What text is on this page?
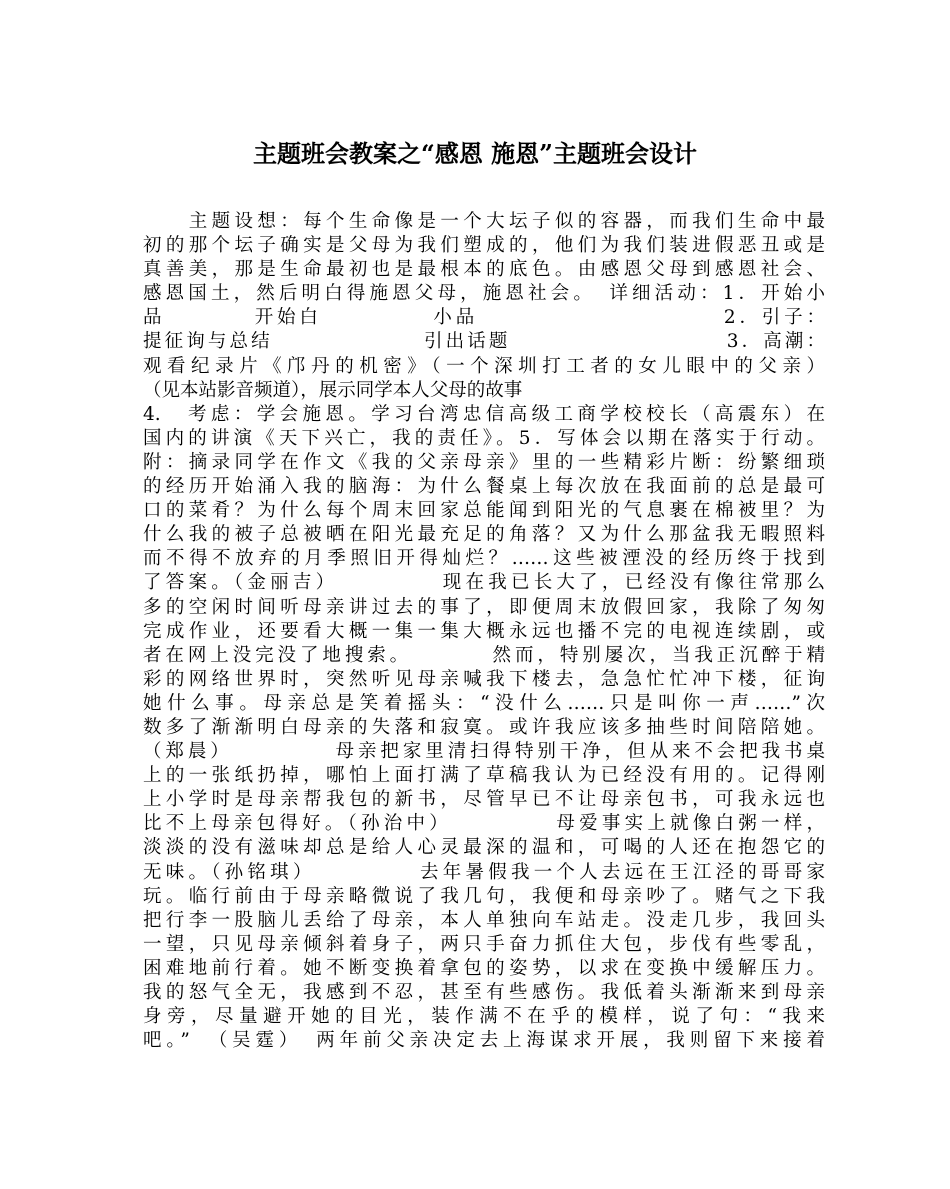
主题班会教案之“感恩 施恩”主题班会设计
　　主题设想：每个生命像是一个大坛子似的容器，而我们生命中最
初的那个坛子确实是父母为我们塑成的，他们为我们装进假恶丑或是
真善美，那是生命最初也是最根本的底色。由感恩父母到感恩社会、
感恩国土，然后明白得施恩父母，施恩社会。　详细活动：1．开始小
品　　　　开始白　　　　　小品　　　　　　　　　　　2．引子：
提征询与总结　　　　　　　引出话题　　　　　　　　　　3．高潮：
观看纪录片《邝丹的机密》（一个深圳打工者的女儿眼中的父亲）
（见本站影音频道），展示同学本人父母的故事
4.　考虑：学会施恩。学习台湾忠信高级工商学校校长（高震东）在
国内的讲演《天下兴亡，我的责任》。5．写体会以期在落实于行动。
附：摘录同学在作文《我的父亲母亲》里的一些精彩片断：纷繁细琐
的经历开始涌入我的脑海：为什么餐桌上每次放在我面前的总是最可
口的菜肴？为什么每个周末回家总能闻到阳光的气息裹在棉被里？为
什么我的被子总被晒在阳光最充足的角落？又为什么那盆我无暇照料
而不得不放弃的月季照旧开得灿烂？……这些被湮没的经历终于找到
了答案。（金丽吉）　　　　　现在我已长大了，已经没有像往常那么
多的空闲时间听母亲讲过去的事了，即便周末放假回家，我除了匆匆
完成作业，还要看大概一集一集大概永远也播不完的电视连续剧，或
者在网上没完没了地搜索。　　　　然而，特别屡次，当我正沉醉于精
彩的网络世界时，突然听见母亲喊我下楼去，急急忙忙冲下楼，征询
她什么事。母亲总是笑着摇头：“没什么……只是叫你一声……”次
数多了渐渐明白母亲的失落和寂寞。或许我应该多抽些时间陪陪她。
（郑晨）　　　　　母亲把家里清扫得特别干净，但从来不会把我书桌
上的一张纸扔掉，哪怕上面打满了草稿我认为已经没有用的。记得刚
上小学时是母亲帮我包的新书，尽管早已不让母亲包书，可我永远也
比不上母亲包得好。（孙治中）　　　　　母爱事实上就像白粥一样，
淡淡的没有滋味却总是给人心灵最深的温和，可喝的人还在抱怨它的
无味。（孙铭琪）　　　　　去年暑假我一个人去远在王江泾的哥哥家
玩。临行前由于母亲略微说了我几句，我便和母亲吵了。赌气之下我
把行李一股脑儿丢给了母亲，本人单独向车站走。没走几步，我回头
一望，只见母亲倾斜着身子，两只手奋力抓住大包，步伐有些零乱，
困难地前行着。她不断变换着拿包的姿势，以求在变换中缓解压力。
我的怒气全无，我感到不忍，甚至有些感伤。我低着头渐渐来到母亲
身旁，尽量避开她的目光，装作满不在乎的模样，说了句：“我来
吧。”　（吴霆）　两年前父亲决定去上海谋求开展，我则留下来接着
